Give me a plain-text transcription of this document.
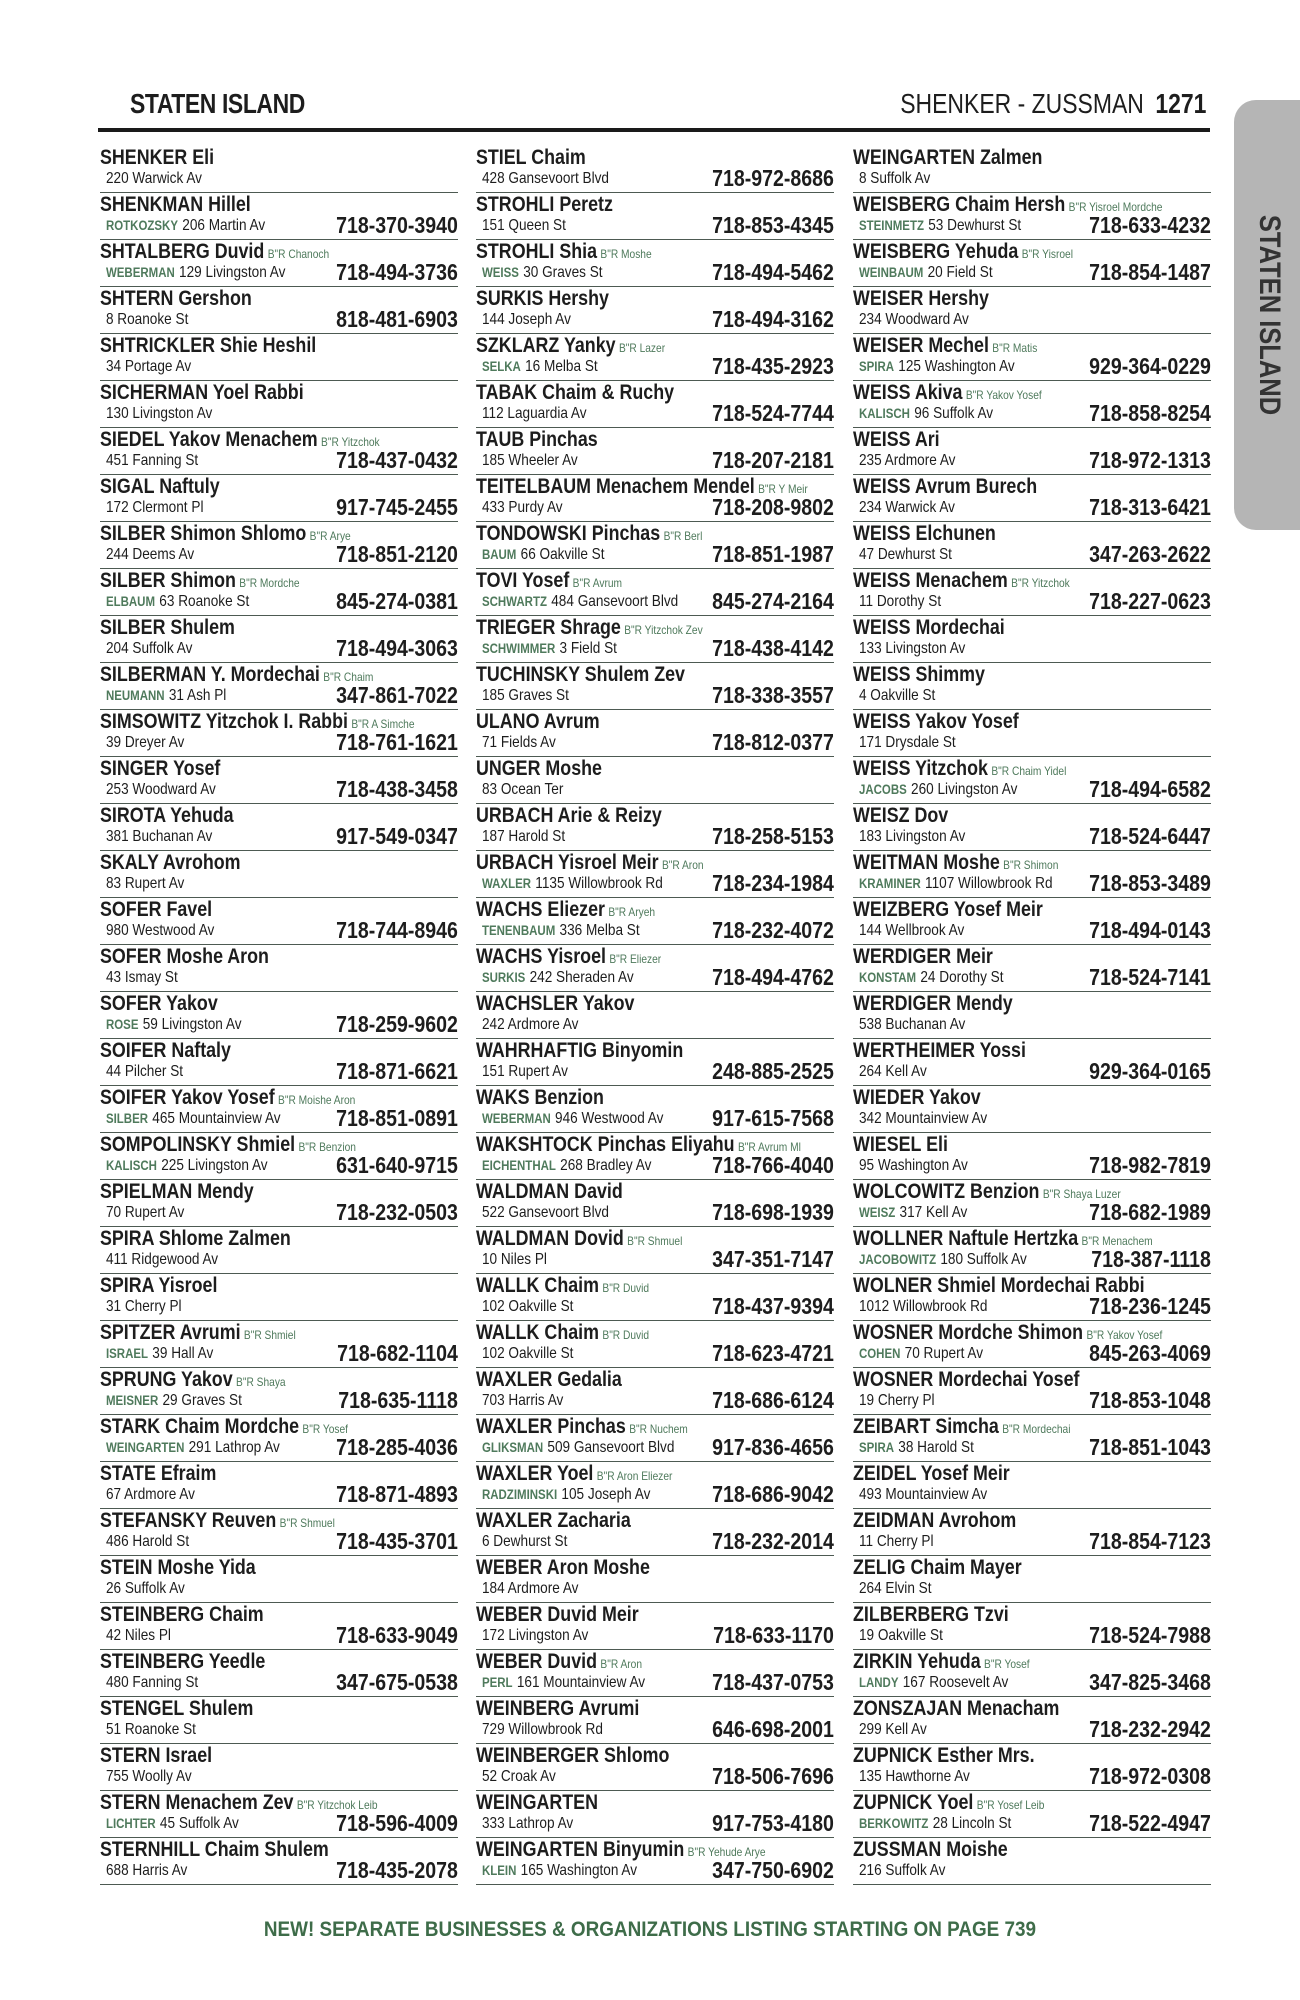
STATEN ISLAND	SHENKER - ZUSSMAN 1271
STATEN ISLAND
SHENKER Eli
220 Warwick Av
SHENKMAN Hillel
ROTKOZSKY 206 Martin Av	718-370-3940
SHTALBERG Duvid B"R Chanoch
WEBERMAN 129 Livingston Av 718-494-3736
SHTERN Gershon
8 Roanoke St	818-481-6903
SHTRICKLER Shie Heshil
34 Portage Av
SICHERMAN Yoel Rabbi
130 Livingston Av
SIEDEL Yakov Menachem B"R Yitzchok
451 Fanning St	718-437-0432
SIGAL Naftuly
172 Clermont Pl	917-745-2455
SILBER Shimon Shlomo B"R Arye
244 Deems Av	718-851-2120
SILBER Shimon B"R Mordche
ELBAUM 63 Roanoke St	845-274-0381
SILBER Shulem
204 Suffolk Av	718-494-3063
SILBERMAN Y. Mordechai B"R Chaim
NEUMANN 31 Ash Pl	347-861-7022
SIMSOWITZ Yitzchok I. Rabbi B"R A Simche
39 Dreyer Av	718-761-1621
SINGER Yosef
253 Woodward Av	718-438-3458
SIROTA Yehuda
381 Buchanan Av	917-549-0347
SKALY Avrohom
83 Rupert Av
SOFER Favel
980 Westwood Av	718-744-8946
SOFER Moshe Aron
43 Ismay St
SOFER Yakov
ROSE 59 Livingston Av	718-259-9602
SOIFER Naftaly
44 Pilcher St	718-871-6621
SOIFER Yakov Yosef B"R Moishe Aron
SILBER 465 Mountainview Av 718-851-0891
SOMPOLINSKY Shmiel B"R Benzion
KALISCH 225 Livingston Av	631-640-9715
SPIELMAN Mendy
70 Rupert Av	718-232-0503
SPIRA Shlome Zalmen
411 Ridgewood Av
SPIRA Yisroel
31 Cherry Pl
SPITZER Avrumi B"R Shmiel
ISRAEL 39 Hall Av	718-682-1104
SPRUNG Yakov B"R Shaya
MEISNER 29 Graves St	718-635-1118
STARK Chaim Mordche B"R Yosef
WEINGARTEN 291 Lathrop Av 718-285-4036
STATE Efraim
67 Ardmore Av	718-871-4893
STEFANSKY Reuven B"R Shmuel
486 Harold St	718-435-3701
STEIN Moshe Yida
26 Suffolk Av
STEINBERG Chaim
42 Niles Pl	718-633-9049
STEINBERG Yeedle
480 Fanning St	347-675-0538
STENGEL Shulem
51 Roanoke St
STERN Israel
755 Woolly Av
STERN Menachem Zev B"R Yitzchok Leib
LICHTER 45 Suffolk Av	718-596-4009
STERNHILL Chaim Shulem
688 Harris Av	718-435-2078
STIEL Chaim
428 Gansevoort Blvd	718-972-8686
STROHLI Peretz
151 Queen St	718-853-4345
STROHLI Shia B"R Moshe
WEISS 30 Graves St	718-494-5462
SURKIS Hershy
144 Joseph Av	718-494-3162
SZKLARZ Yanky B"R Lazer
SELKA 16 Melba St	718-435-2923
TABAK Chaim & Ruchy
112 Laguardia Av	718-524-7744
TAUB Pinchas
185 Wheeler Av	718-207-2181
TEITELBAUM Menachem Mendel B"R Y Meir
433 Purdy Av	718-208-9802
TONDOWSKI Pinchas B"R Berl
BAUM 66 Oakville St	718-851-1987
TOVI Yosef B"R Avrum
SCHWARTZ 484 Gansevoort Blvd 845-274-2164
TRIEGER Shrage B"R Yitzchok Zev
SCHWIMMER 3 Field St	718-438-4142
TUCHINSKY Shulem Zev
185 Graves St	718-338-3557
ULANO Avrum
71 Fields Av	718-812-0377
UNGER Moshe
83 Ocean Ter
URBACH Arie & Reizy
187 Harold St	718-258-5153
URBACH Yisroel Meir B"R Aron
WAXLER 1135 Willowbrook Rd 718-234-1984
WACHS Eliezer B"R Aryeh
TENENBAUM 336 Melba St	718-232-4072
WACHS Yisroel B"R Eliezer
SURKIS 242 Sheraden Av	718-494-4762
WACHSLER Yakov
242 Ardmore Av
WAHRHAFTIG Binyomin
151 Rupert Av	248-885-2525
WAKS Benzion
WEBERMAN 946 Westwood Av 917-615-7568
WAKSHTOCK Pinchas Eliyahu B"R Avrum Ml
EICHENTHAL 268 Bradley Av	718-766-4040
WALDMAN David
522 Gansevoort Blvd	718-698-1939
WALDMAN Dovid B"R Shmuel
10 Niles Pl	347-351-7147
WALLK Chaim B"R Duvid
102 Oakville St	718-437-9394
WALLK Chaim B"R Duvid
102 Oakville St	718-623-4721
WAXLER Gedalia
703 Harris Av	718-686-6124
WAXLER Pinchas B"R Nuchem
GLIKSMAN 509 Gansevoort Blvd 917-836-4656
WAXLER Yoel B"R Aron Eliezer
RADZIMINSKI 105 Joseph Av	718-686-9042
WAXLER Zacharia
6 Dewhurst St	718-232-2014
WEBER Aron Moshe
184 Ardmore Av
WEBER Duvid Meir
172 Livingston Av	718-633-1170
WEBER Duvid B"R Aron
PERL 161 Mountainview Av	718-437-0753
WEINBERG Avrumi
729 Willowbrook Rd	646-698-2001
WEINBERGER Shlomo
52 Croak Av	718-506-7696
WEINGARTEN
333 Lathrop Av	917-753-4180
WEINGARTEN Binyumin B"R Yehude Arye
KLEIN 165 Washington Av	347-750-6902
WEINGARTEN Zalmen
8 Suffolk Av
WEISBERG Chaim Hersh B"R Yisroel Mordche
STEINMETZ 53 Dewhurst St	718-633-4232
WEISBERG Yehuda B"R Yisroel
WEINBAUM 20 Field St	718-854-1487
WEISER Hershy
234 Woodward Av
WEISER Mechel B"R Matis
SPIRA 125 Washington Av	929-364-0229
WEISS Akiva B"R Yakov Yosef
KALISCH 96 Suffolk Av	718-858-8254
WEISS Ari
235 Ardmore Av	718-972-1313
WEISS Avrum Burech
234 Warwick Av	718-313-6421
WEISS Elchunen
47 Dewhurst St	347-263-2622
WEISS Menachem B"R Yitzchok
11 Dorothy St	718-227-0623
WEISS Mordechai
133 Livingston Av
WEISS Shimmy
4 Oakville St
WEISS Yakov Yosef
171 Drysdale St
WEISS Yitzchok B"R Chaim Yidel
JACOBS 260 Livingston Av	718-494-6582
WEISZ Dov
183 Livingston Av	718-524-6447
WEITMAN Moshe B"R Shimon
KRAMINER 1107 Willowbrook Rd 718-853-3489
WEIZBERG Yosef Meir
144 Wellbrook Av	718-494-0143
WERDIGER Meir
KONSTAM 24 Dorothy St	718-524-7141
WERDIGER Mendy
538 Buchanan Av
WERTHEIMER Yossi
264 Kell Av	929-364-0165
WIEDER Yakov
342 Mountainview Av
WIESEL Eli
95 Washington Av	718-982-7819
WOLCOWITZ Benzion B"R Shaya Luzer
WEISZ 317 Kell Av	718-682-1989
WOLLNER Naftule Hertzka B"R Menachem
JACOBOWITZ 180 Suffolk Av	718-387-1118
WOLNER Shmiel Mordechai Rabbi
1012 Willowbrook Rd	718-236-1245
WOSNER Mordche Shimon B"R Yakov Yosef
COHEN 70 Rupert Av	845-263-4069
WOSNER Mordechai Yosef
19 Cherry Pl	718-853-1048
ZEIBART Simcha B"R Mordechai
SPIRA 38 Harold St	718-851-1043
ZEIDEL Yosef Meir
493 Mountainview Av
ZEIDMAN Avrohom
11 Cherry Pl	718-854-7123
ZELIG Chaim Mayer
264 Elvin St
ZILBERBERG Tzvi
19 Oakville St	718-524-7988
ZIRKIN Yehuda B"R Yosef
LANDY 167 Roosevelt Av	347-825-3468
ZONSZAJAN Menacham
299 Kell Av	718-232-2942
ZUPNICK Esther Mrs.
135 Hawthorne Av	718-972-0308
ZUPNICK Yoel B"R Yosef Leib
BERKOWITZ 28 Lincoln St	718-522-4947
ZUSSMAN Moishe
216 Suffolk Av
NEW! SEPARATE BUSINESSES & ORGANIZATIONS LISTING STARTING ON PAGE 739
